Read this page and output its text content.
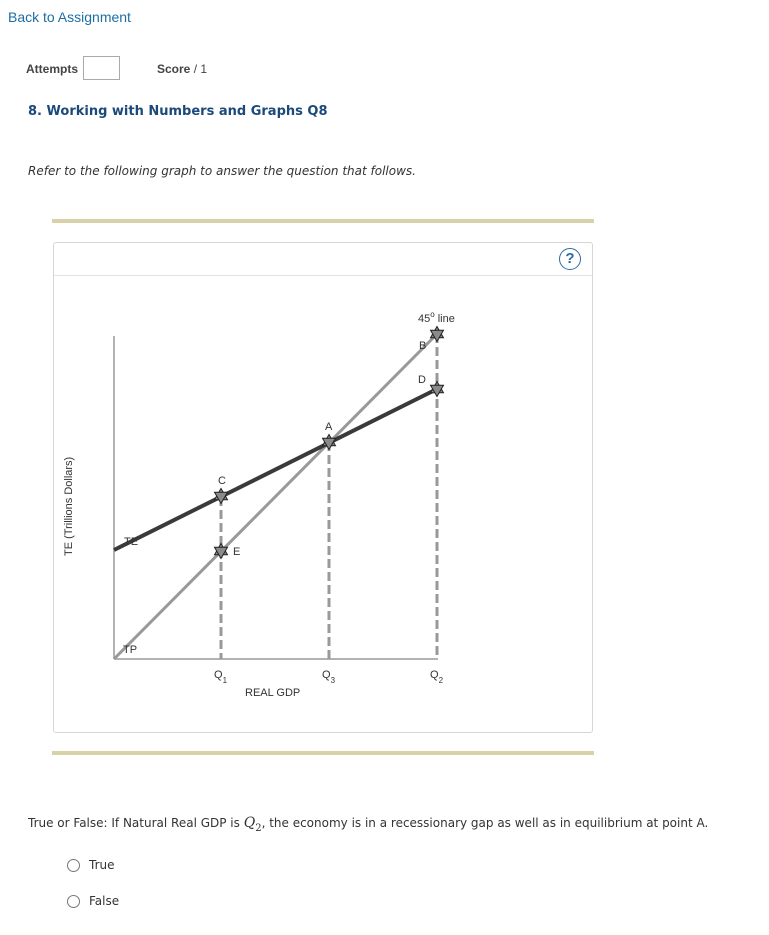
Back to Assignment
Attempts	Score / 1
8. Working with Numbers and Graphs Q8
Refer to the following graph to answer the question that follows.
?
C
E
A
B
D
45$^o$ line
TE
TP
$Q_1$	$Q_3$	$Q_2$
REAL GDP
TE (Trillions Dollars)
True or False: If Natural Real GDP is $Q_2$, the economy is in a recessionary gap as well as in equilibrium at point A.
True
False
